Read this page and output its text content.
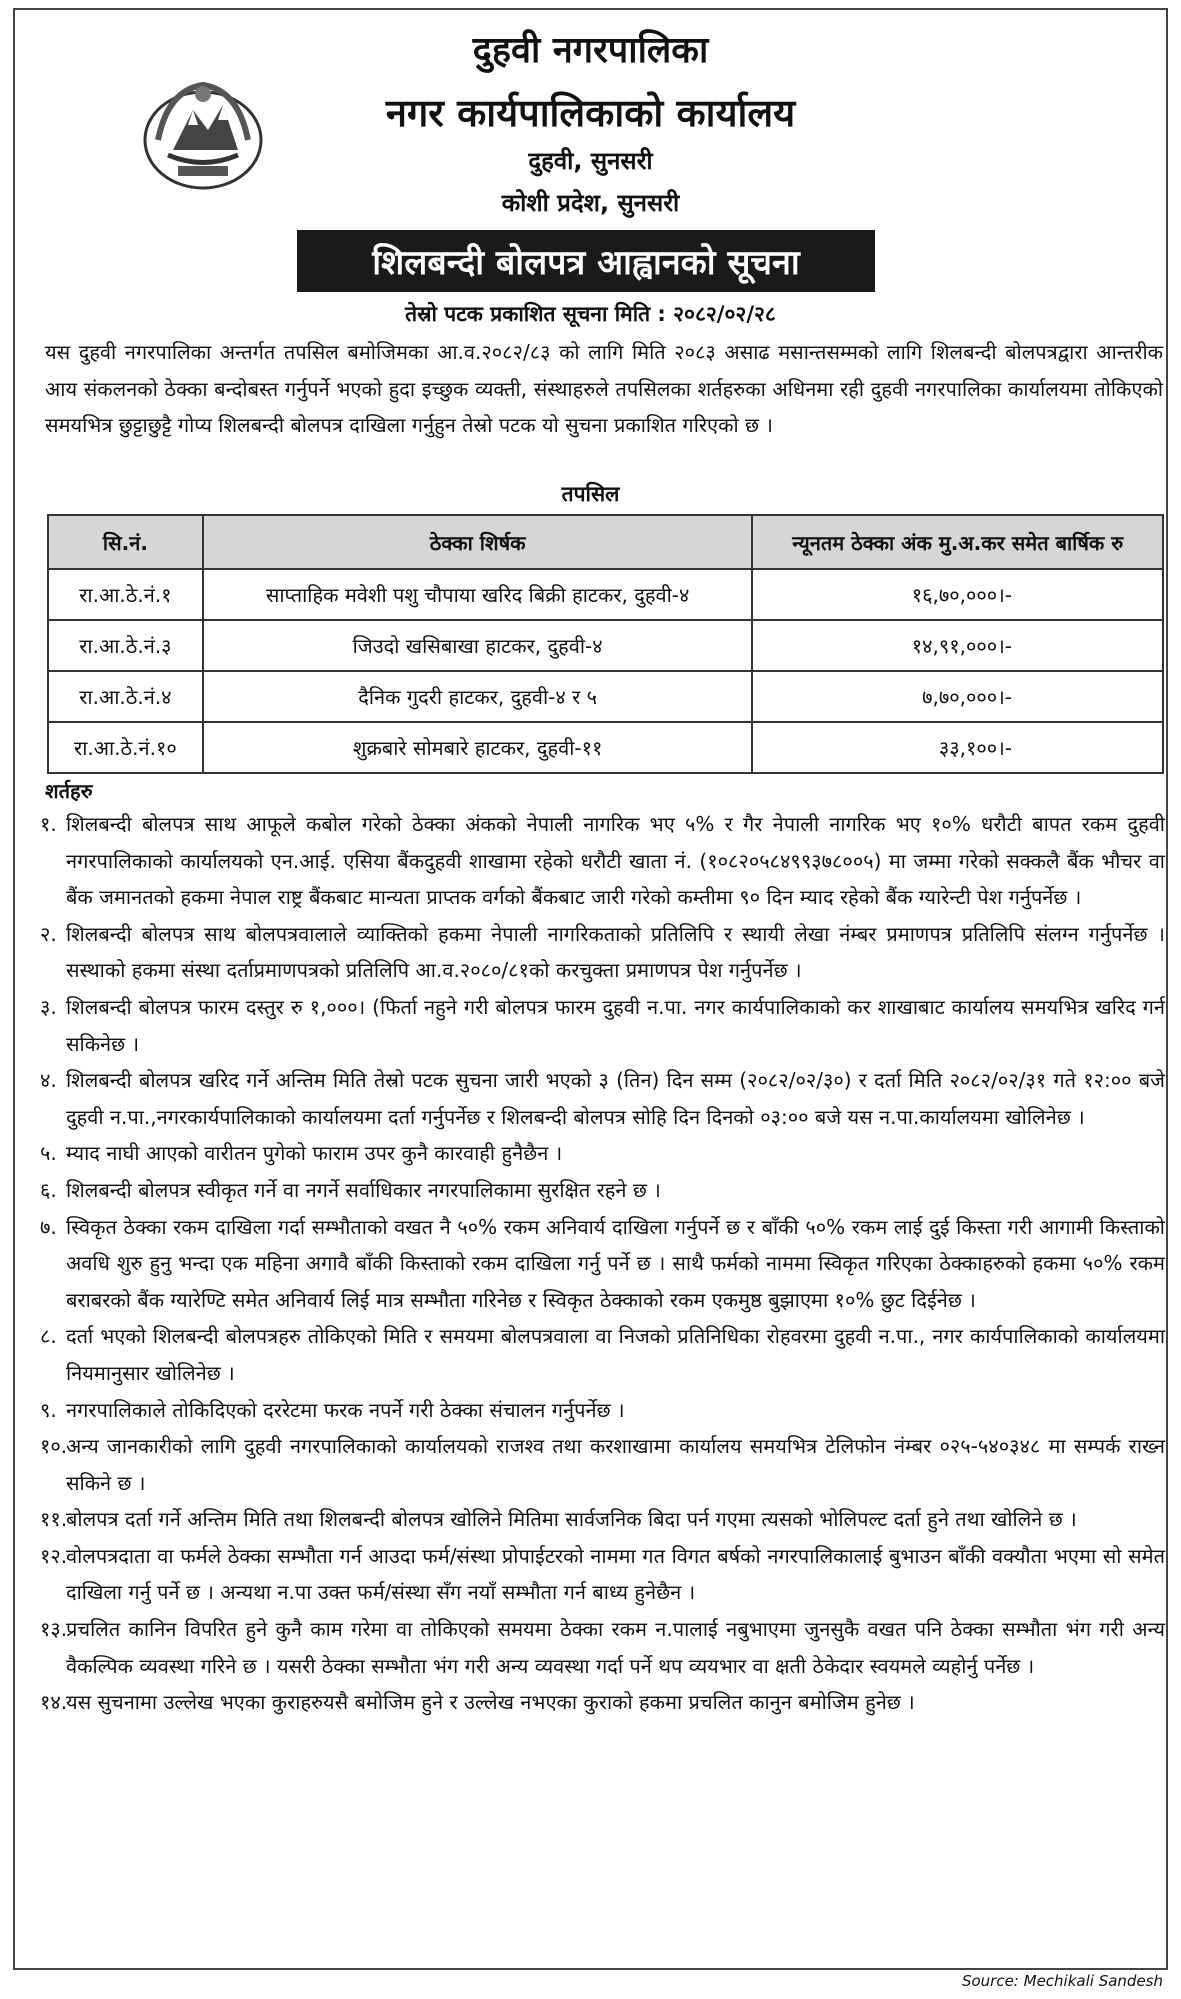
दुहवी नगरपालिका
नगर कार्यपालिकाको कार्यालय
दुहवी, सुनसरी
कोशी प्रदेश, सुनसरी
शिलबन्दी बोलपत्र आह्वानको सूचना
तेस्रो पटक प्रकाशित सूचना मिति : २०८२/०२/२८
यस दुहवी नगरपालिका अन्तर्गत तपसिल बमोजिमका आ.व.२०८२/८३ को लागि मिति २०८३ असाढ मसान्तसम्मको लागि शिलबन्दी बोलपत्रद्वारा आन्तरीक आय संकलनको ठेक्का बन्दोबस्त गर्नुपर्ने भएको हुदा इच्छुक व्यक्ती, संस्थाहरुले तपसिलका शर्तहरुका अधिनमा रही दुहवी नगरपालिका कार्यालयमा तोकिएको समयभित्र छुट्टाछुट्टै गोप्य शिलबन्दी बोलपत्र दाखिला गर्नुहुन तेस्रो पटक यो सुचना प्रकाशित गरिएको छ ।
तपसिल
सि.नं.	ठेक्का शिर्षक	न्यूनतम ठेक्का अंक मु.अ.कर समेत बार्षिक रु
रा.आ.ठे.नं.१	साप्ताहिक मवेशी पशु चौपाया खरिद बिक्री हाटकर, दुहवी-४	१६,७०,०००।-
रा.आ.ठे.नं.३	जिउदो खसिबाखा हाटकर, दुहवी-४	१४,९१,०००।-
रा.आ.ठे.नं.४	दैनिक गुदरी हाटकर, दुहवी-४ र ५	७,७०,०००।-
रा.आ.ठे.नं.१०	शुक्रबारे सोमबारे हाटकर, दुहवी-११	३३,१००।-
शर्तहरु
१. शिलबन्दी बोलपत्र साथ आफूले कबोल गरेको ठेक्का अंकको नेपाली नागरिक भए ५% र गैर नेपाली नागरिक भए १०% धरौटी बापत रकम दुहवी नगरपालिकाको कार्यालयको एन.आई. एसिया बैंकदुहवी शाखामा रहेको धरौटी खाता नं. (१०८२०५८४९९३७८००५) मा जम्मा गरेको सक्कलै बैंक भौचर वा बैंक जमानतको हकमा नेपाल राष्ट्र बैंकबाट मान्यता प्राप्तक वर्गको बैंकबाट जारी गरेको कम्तीमा ९० दिन म्याद रहेको बैंक ग्यारेन्टी पेश गर्नुपर्नेछ ।
२. शिलबन्दी बोलपत्र साथ बोलपत्रवालाले व्याक्तिको हकमा नेपाली नागरिकताको प्रतिलिपि र स्थायी लेखा नंम्बर प्रमाणपत्र प्रतिलिपि संलग्न गर्नुपर्नेछ । सस्थाको हकमा संस्था दर्ताप्रमाणपत्रको प्रतिलिपि आ.व.२०८०/८१को करचुक्ता प्रमाणपत्र पेश गर्नुपर्नेछ ।
३. शिलबन्दी बोलपत्र फारम दस्तुर रु १,०००। (फिर्ता नहुने गरी बोलपत्र फारम दुहवी न.पा. नगर कार्यपालिकाको कर शाखाबाट कार्यालय समयभित्र खरिद गर्न सकिनेछ ।
४. शिलबन्दी बोलपत्र खरिद गर्ने अन्तिम मिति तेस्रो पटक सुचना जारी भएको ३ (तिन) दिन सम्म (२०८२/०२/३०) र दर्ता मिति २०८२/०२/३१ गते १२:०० बजे दुहवी न.पा.,नगरकार्यपालिकाको कार्यालयमा दर्ता गर्नुपर्नेछ र शिलबन्दी बोलपत्र सोहि दिन दिनको ०३:०० बजे यस न.पा.कार्यालयमा खोलिनेछ ।
५. म्याद नाघी आएको वारीतन पुगेको फाराम उपर कुनै कारवाही हुनैछैन ।
६. शिलबन्दी बोलपत्र स्वीकृत गर्ने वा नगर्ने सर्वाधिकार नगरपालिकामा सुरक्षित रहने छ ।
७. स्विकृत ठेक्का रकम दाखिला गर्दा सम्भौताको वखत नै ५०% रकम अनिवार्य दाखिला गर्नुपर्ने छ र बाँकी ५०% रकम लाई दुई किस्ता गरी आगामी किस्ताको अवधि शुरु हुनु भन्दा एक महिना अगावै बाँकी किस्ताको रकम दाखिला गर्नु पर्ने छ । साथै फर्मको नाममा स्विकृत गरिएका ठेक्काहरुको हकमा ५०% रकम बराबरको बैंक ग्यारेण्टि समेत अनिवार्य लिई मात्र सम्भौता गरिनेछ र स्विकृत ठेक्काको रकम एकमुष्ठ बुझाएमा १०% छुट दिईनेछ ।
८. दर्ता भएको शिलबन्दी बोलपत्रहरु तोकिएको मिति र समयमा बोलपत्रवाला वा निजको प्रतिनिधिका रोहवरमा दुहवी न.पा., नगर कार्यपालिकाको कार्यालयमा नियमानुसार खोलिनेछ ।
९. नगरपालिकाले तोकिदिएको दररेटमा फरक नपर्ने गरी ठेक्का संचालन गर्नुपर्नेछ ।
१०.
अन्य जानकारीको लागि दुहवी नगरपालिकाको कार्यालयको राजश्व तथा करशाखामा कार्यालय समयभित्र टेलिफोन नंम्बर ०२५-५४०३४८ मा सम्पर्क राख्न सकिने छ ।
११.
बोलपत्र दर्ता गर्ने अन्तिम मिति तथा शिलबन्दी बोलपत्र खोलिने मितिमा सार्वजनिक बिदा पर्न गएमा त्यसको भोलिपल्ट दर्ता हुने तथा खोलिने छ ।
१२.
वोलपत्रदाता वा फर्मले ठेक्का सम्भौता गर्न आउदा फर्म/संस्था प्रोपाईटरको नाममा गत विगत बर्षको नगरपालिकालाई बुभाउन बाँकी वक्यौता भएमा सो समेत दाखिला गर्नु पर्ने छ । अन्यथा न.पा उक्त फर्म/संस्था सँग नयाँ सम्भौता गर्न बाध्य हुनेछैन ।
१३.
प्रचलित कानिन विपरित हुने कुनै काम गरेमा वा तोकिएको समयमा ठेक्का रकम न.पालाई नबुभाएमा जुनसुकै वखत पनि ठेक्का सम्भौता भंग गरी अन्य वैकल्पिक व्यवस्था गरिने छ । यसरी ठेक्का सम्भौता भंग गरी अन्य व्यवस्था गर्दा पर्ने थप व्ययभार वा क्षती ठेकेदार स्वयमले व्यहोर्नु पर्नेछ ।
१४.
यस सुचनामा उल्लेख भएका कुराहरुयसै बमोजिम हुने र उल्लेख नभएका कुराको हकमा प्रचलित कानुन बमोजिम हुनेछ ।
Source: Mechikali Sandesh
